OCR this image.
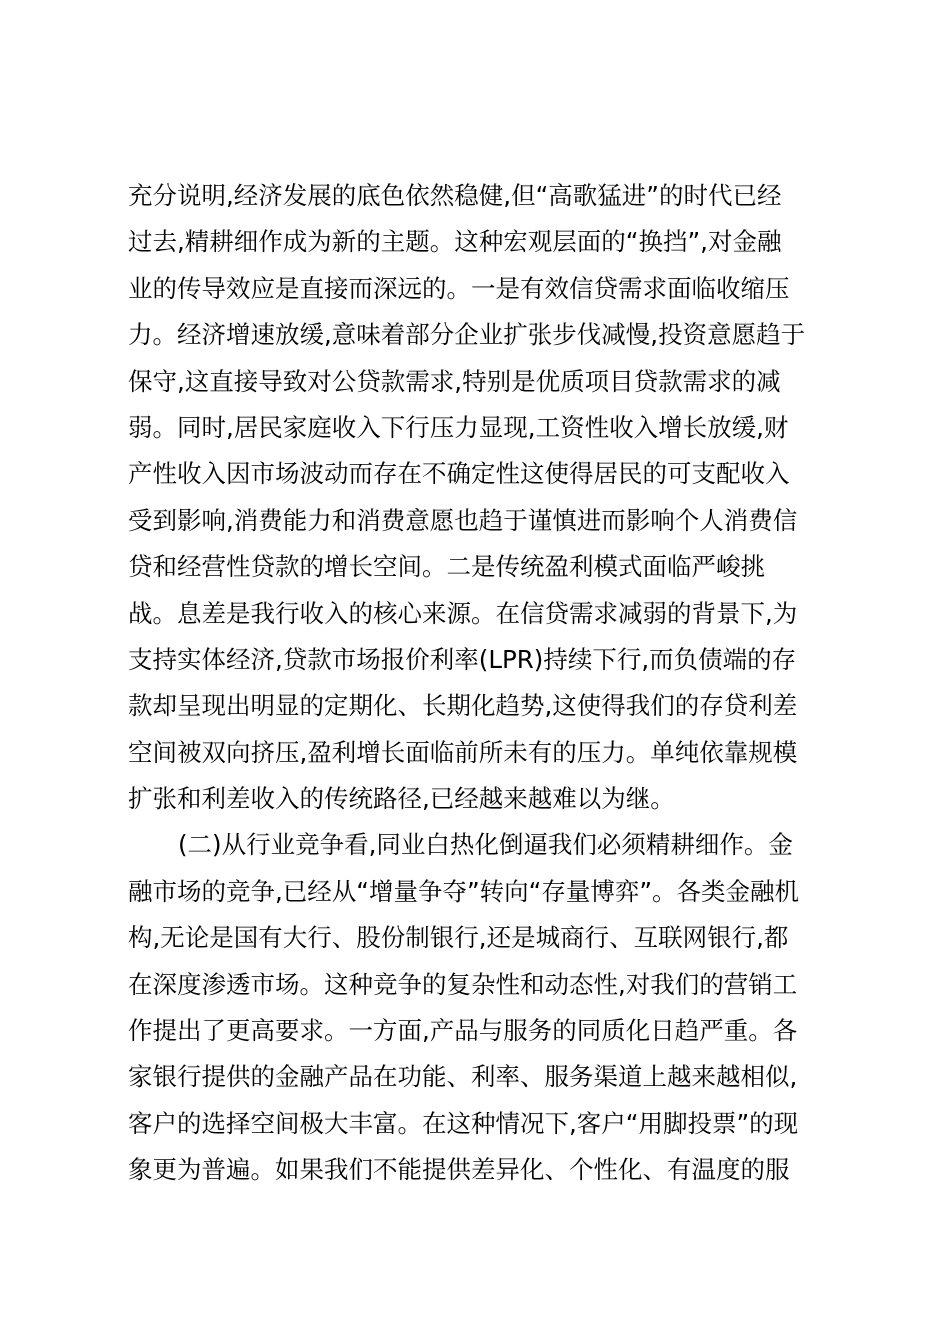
充分说明,经济发展的底色依然稳健,但“高歌猛进”的时代已经
过去,精耕细作成为新的主题。这种宏观层面的“换挡”,对金融
业的传导效应是直接而深远的。一是有效信贷需求面临收缩压
力。经济增速放缓,意味着部分企业扩张步伐减慢,投资意愿趋于
保守,这直接导致对公贷款需求,特别是优质项目贷款需求的减
弱。同时,居民家庭收入下行压力显现,工资性收入增长放缓,财
产性收入因市场波动而存在不确定性这使得居民的可支配收入
受到影响,消费能力和消费意愿也趋于谨慎进而影响个人消费信
贷和经营性贷款的增长空间。二是传统盈利模式面临严峻挑
战。息差是我行收入的核心来源。在信贷需求减弱的背景下,为
支持实体经济,贷款市场报价利率(LPR)持续下行,而负债端的存
款却呈现出明显的定期化、长期化趋势,这使得我们的存贷利差
空间被双向挤压,盈利增长面临前所未有的压力。单纯依靠规模
扩张和利差收入的传统路径,已经越来越难以为继。
(二)从行业竞争看,同业白热化倒逼我们必须精耕细作。金
融市场的竞争,已经从“增量争夺”转向“存量博弈”。各类金融机
构,无论是国有大行、股份制银行,还是城商行、互联网银行,都
在深度渗透市场。这种竞争的复杂性和动态性,对我们的营销工
作提出了更高要求。一方面,产品与服务的同质化日趋严重。各
家银行提供的金融产品在功能、利率、服务渠道上越来越相似,
客户的选择空间极大丰富。在这种情况下,客户“用脚投票”的现
象更为普遍。如果我们不能提供差异化、个性化、有温度的服
